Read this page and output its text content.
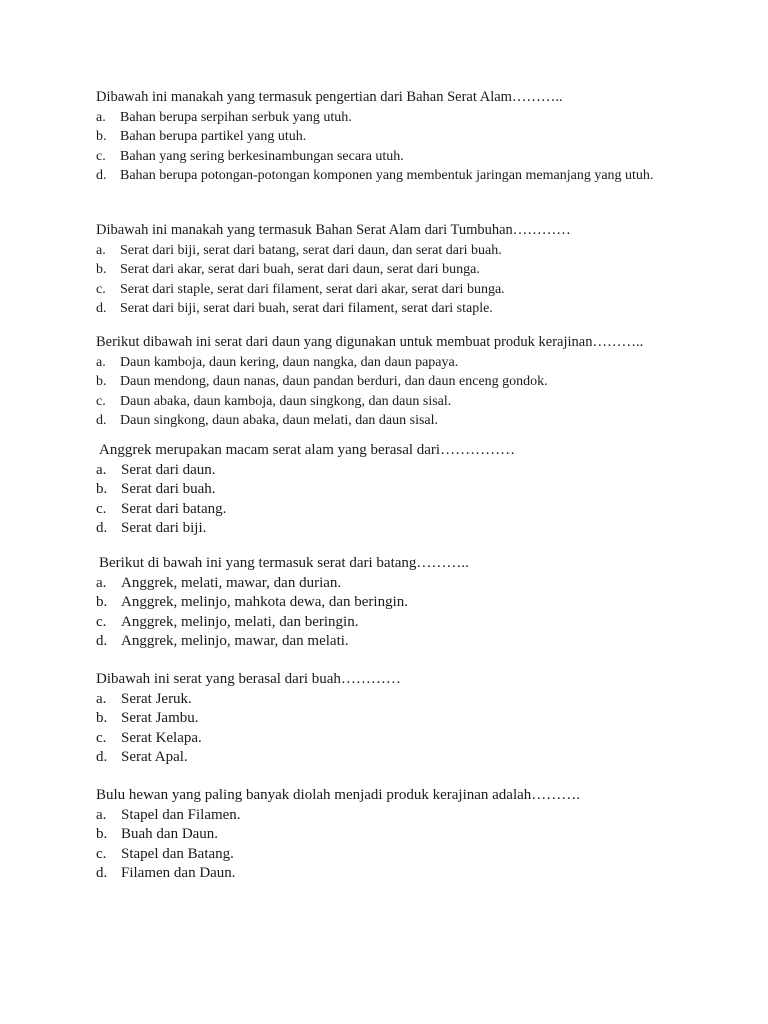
Dibawah ini manakah yang termasuk pengertian dari Bahan Serat Alam………..

a. Bahan berupa serpihan serbuk yang utuh.
b. Bahan berupa partikel yang utuh.
c. Bahan yang sering berkesinambungan secara utuh.
d. Bahan berupa potongan-potongan komponen yang membentuk jaringan memanjang yang utuh.

Dibawah ini manakah yang termasuk Bahan Serat Alam dari Tumbuhan…………

a. Serat dari biji, serat dari batang, serat dari daun, dan serat dari buah.
b. Serat dari akar, serat dari buah, serat dari daun, serat dari bunga.
c. Serat dari staple, serat dari filament, serat dari akar, serat dari bunga.
d. Serat dari biji, serat dari buah, serat dari filament, serat dari staple.

Berikut dibawah ini serat dari daun yang digunakan untuk membuat produk kerajinan………..

a. Daun kamboja, daun kering, daun nangka, dan daun papaya.
b. Daun mendong, daun nanas, daun pandan berduri, dan daun enceng gondok.
c. Daun abaka, daun kamboja, daun singkong, dan daun sisal.
d. Daun singkong, daun abaka, daun melati, dan daun sisal.

Anggrek merupakan macam serat alam yang berasal dari……………

a. Serat dari daun.
b. Serat dari buah.
c. Serat dari batang.
d. Serat dari biji.

Berikut di bawah ini yang termasuk serat dari batang………..

a. Anggrek, melati, mawar, dan durian.
b. Anggrek, melinjo, mahkota dewa, dan beringin.
c. Anggrek, melinjo, melati, dan beringin.
d. Anggrek, melinjo, mawar, dan melati.

Dibawah ini serat yang berasal dari buah…………

a. Serat Jeruk.
b. Serat Jambu.
c. Serat Kelapa.
d. Serat Apal.

Bulu hewan yang paling banyak diolah menjadi produk kerajinan adalah……….

a. Stapel dan Filamen.
b. Buah dan Daun.
c. Stapel dan Batang.
d. Filamen dan Daun.
